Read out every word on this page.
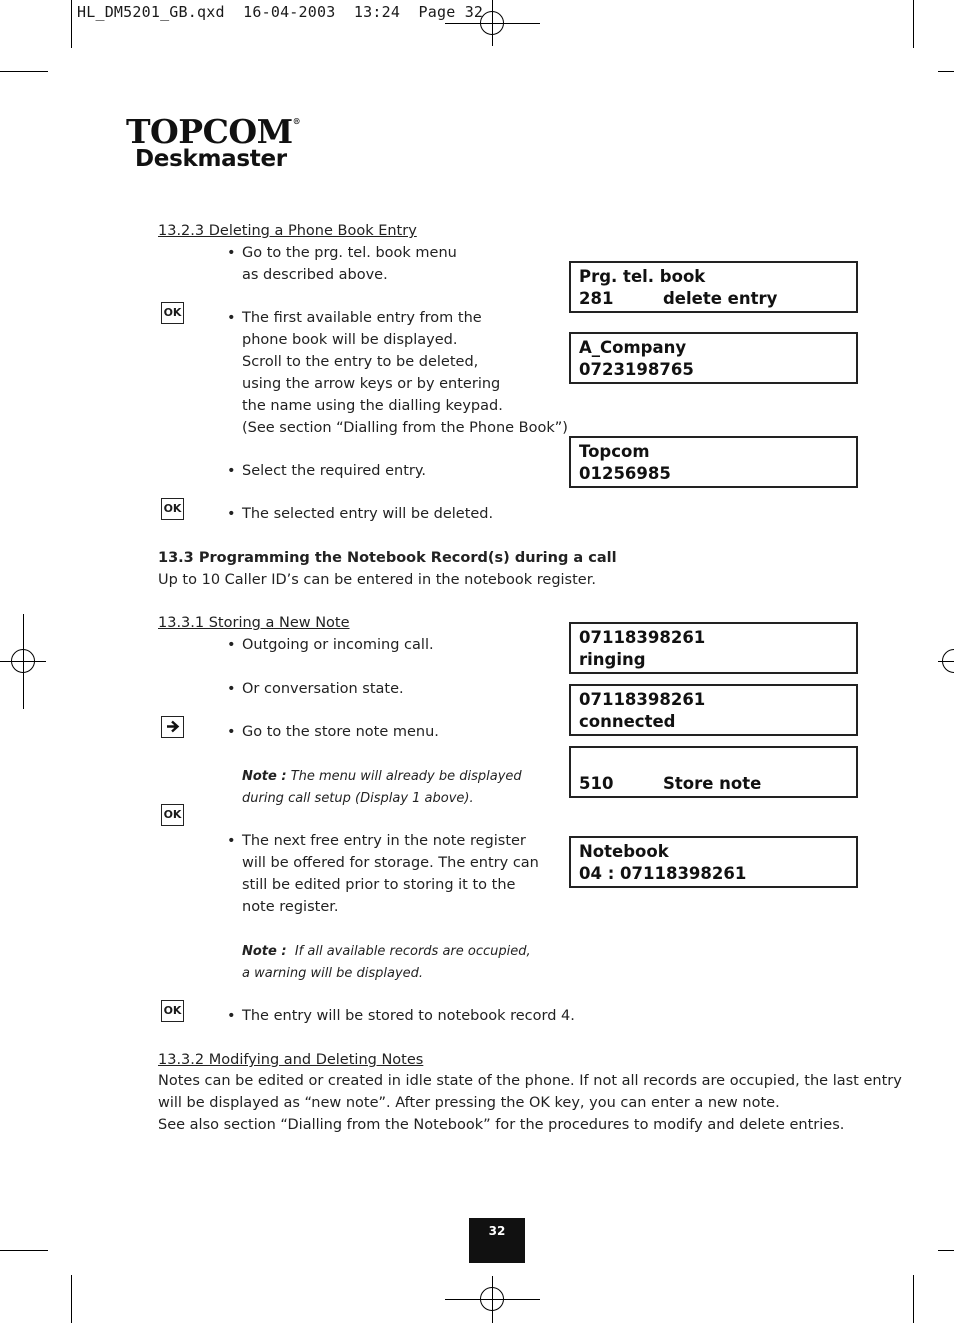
HL_DM5201_GB.qxd  16-04-2003  13:24  Page 32
TOPCOM®
Deskmaster
13.2.3 Deleting a Phone Book Entry
• Go to the prg. tel. book menu
as described above.
OK	• The first available entry from the
phone book will be displayed.
Scroll to the entry to be deleted,
using the arrow keys or by entering
the name using the dialling keypad.
(See section “Dialling from the Phone Book”)
• Select the required entry.
OK	• The selected entry will be deleted.
13.3 Programming the Notebook Record(s) during a call
Up to 10 Caller ID’s can be entered in the notebook register.
13.3.1 Storing a New Note
• Outgoing or incoming call.
• Or conversation state.
• Go to the store note menu.
Note : The menu will already be displayed
during call setup (Display 1 above).
OK
• The next free entry in the note register
will be offered for storage. The entry can
still be edited prior to storing it to the
note register.
Note :  If all available records are occupied,
a warning will be displayed.
OK	• The entry will be stored to notebook record 4.
13.3.2 Modifying and Deleting Notes
Notes can be edited or created in idle state of the phone. If not all records are occupied, the last entry
will be displayed as “new note”. After pressing the OK key, you can enter a new note.
See also section “Dialling from the Notebook” for the procedures to modify and delete entries.
Prg. tel. book
281	delete entry
A_Company
0723198765
Topcom
01256985
07118398261
ringing
07118398261
connected

510	Store note
Notebook
04 : 07118398261
32
